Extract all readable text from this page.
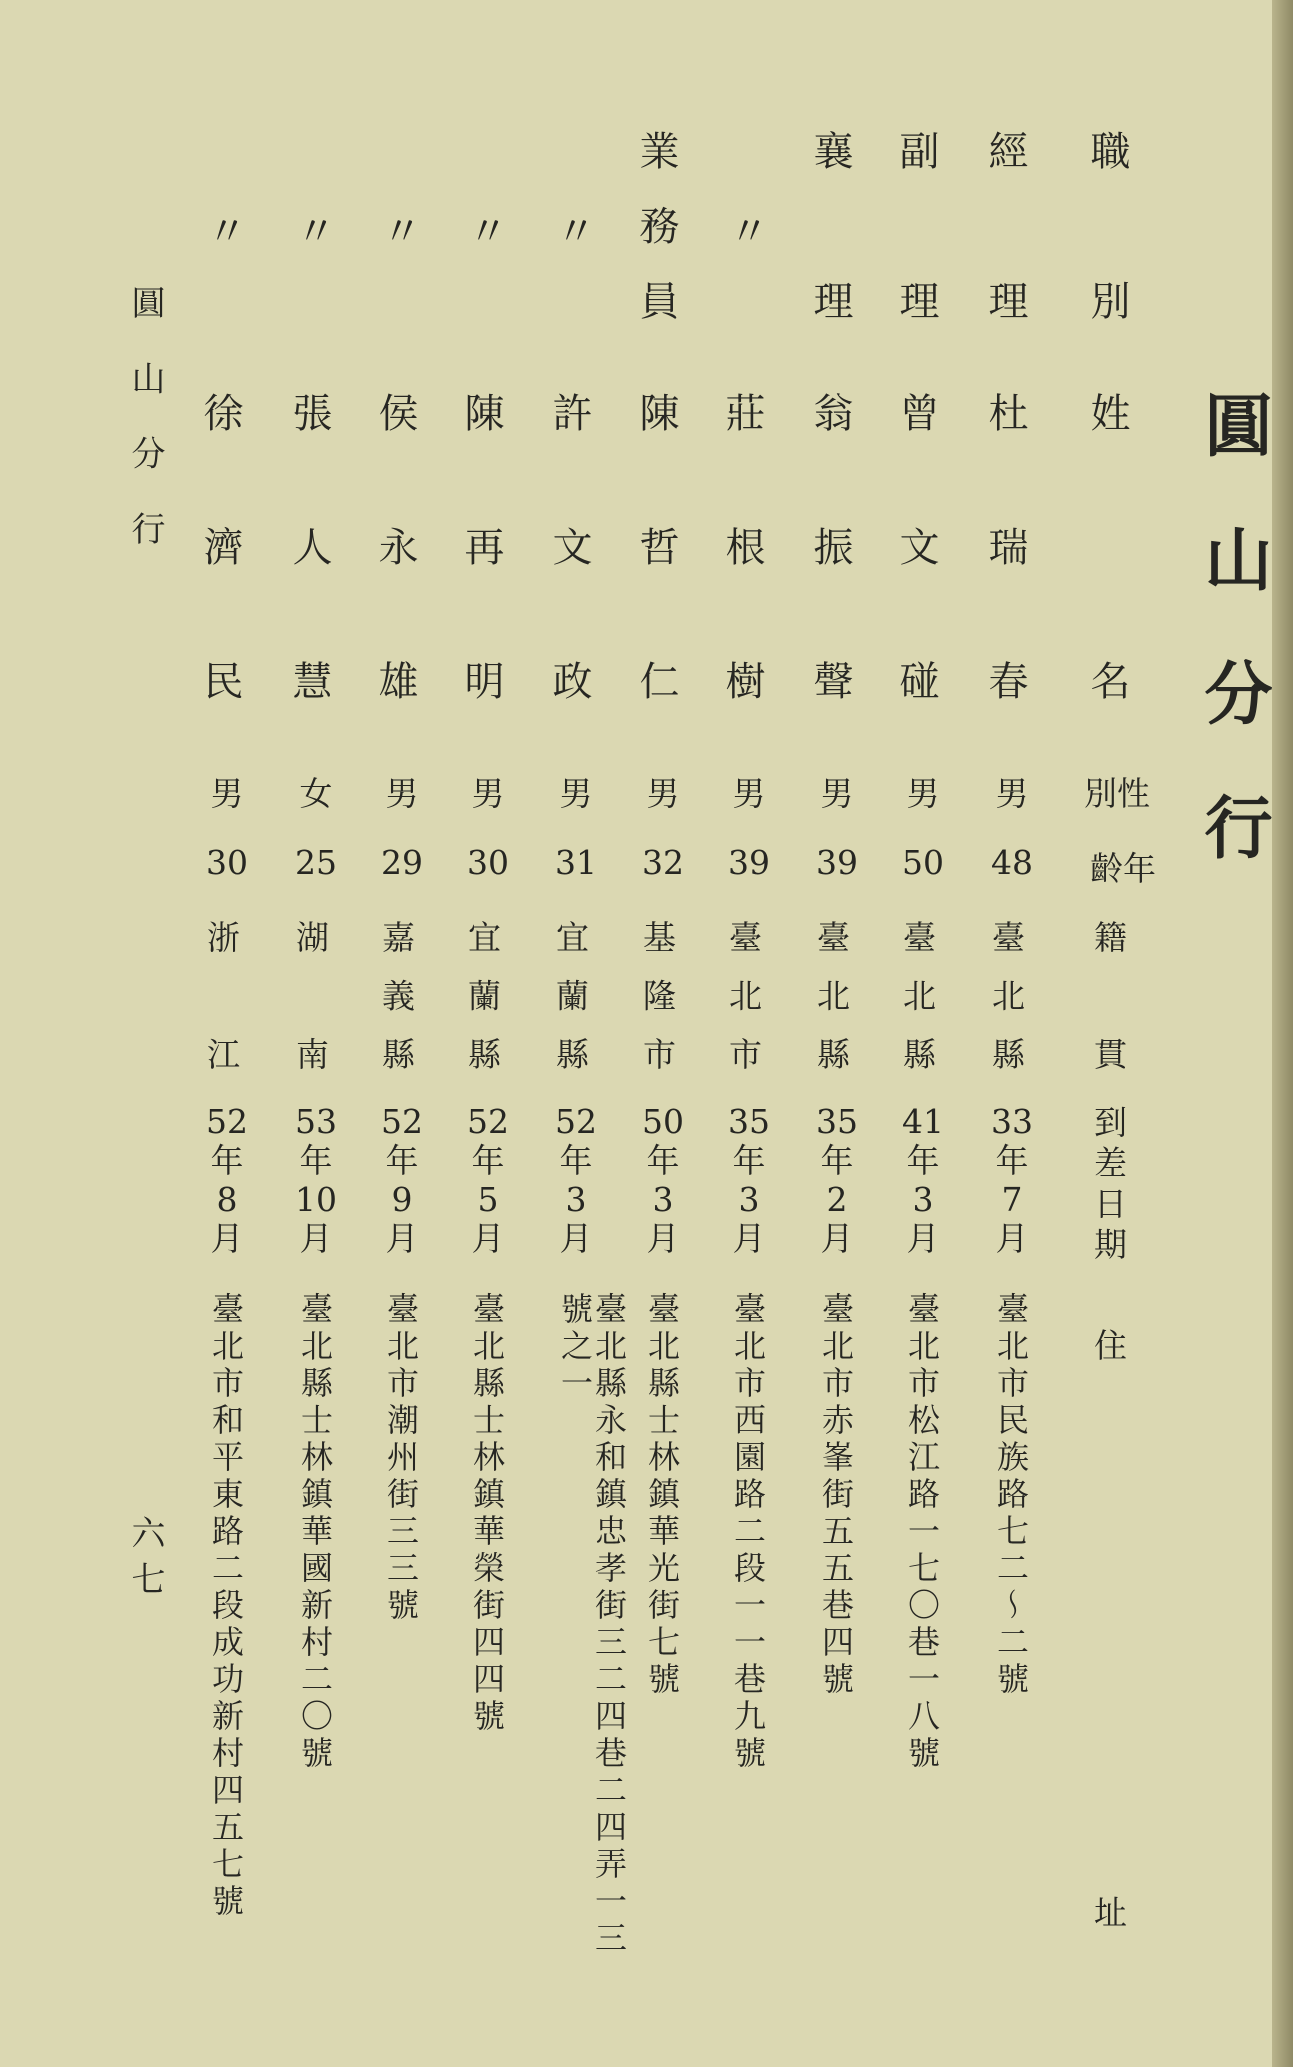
圓山分行
圓山分行
六七
職別
姓名
別性
齡年
籍貫
到差日期
住址
經理
杜瑞春
男
48
臺北縣
33
年
7
月
臺北市民族路七二～二號
副理
曾文碰
男
50
臺北縣
41
年
3
月
臺北市松江路一七〇巷一八號
襄理
翁振聲
男
39
臺北縣
35
年
2
月
臺北市赤峯街五五巷四號
〃
莊根樹
男
39
臺北市
35
年
3
月
臺北市西園路二段一一巷九號
業務員
陳哲仁
男
32
基隆市
50
年
3
月
臺北縣士林鎮華光街七號
〃
許文政
男
31
宜蘭縣
52
年
3
月
臺北縣永和鎮忠孝街三二四巷二四弄一三號之一
〃
陳再明
男
30
宜蘭縣
52
年
5
月
臺北縣士林鎮華榮街四四號
〃
侯永雄
男
29
嘉義縣
52
年
9
月
臺北市潮州街三三號
〃
張人慧
女
25
湖南
53
年
10
月
臺北縣士林鎮華國新村二〇號
〃
徐濟民
男
30
浙江
52
年
8
月
臺北市和平東路二段成功新村四五七號
